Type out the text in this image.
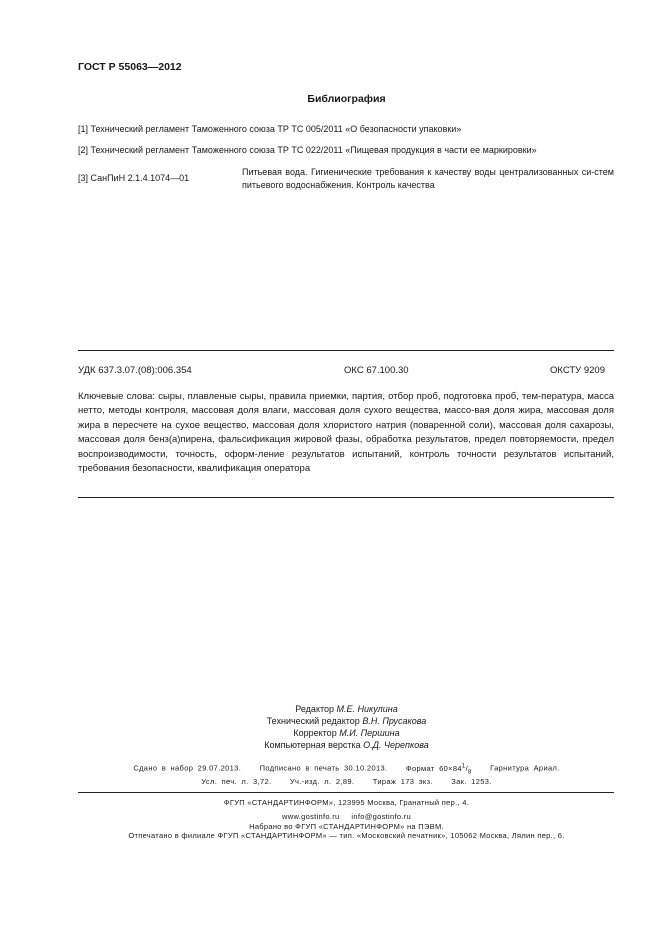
ГОСТ Р 55063—2012
Библиография
[1] Технический регламент Таможенного союза ТР ТС 005/2011 «О безопасности упаковки»
[2] Технический регламент Таможенного союза ТР ТС 022/2011 «Пищевая продукция в части ее маркировки»
[3] СанПиН 2.1.4.1074—01
Питьевая вода. Гигиенические требования к качеству воды централизованных си-стем питьевого водоснабжения. Контроль качества
УДК 637.3.07.(08):006.354	ОКС 67.100.30	ОКСТУ 9209
Ключевые слова: сыры, плавленые сыры, правила приемки, партия, отбор проб, подготовка проб, тем-пература, масса нетто, методы контроля, массовая доля влаги, массовая доля сухого вещества, массо-вая доля жира, массовая доля жира в пересчете на сухое вещество, массовая доля хлористого натрия (поваренной соли), массовая доля сахарозы, массовая доля бенз(а)пирена, фальсификация жировой фазы, обработка результатов, предел повторяемости, предел воспроизводимости, точность, оформ-ление результатов испытаний, контроль точности результатов испытаний, требования безопасности, квалификация оператора
Редактор М.Е. Никулина
Технический редактор В.Н. Прусакова
Корректор М.И. Першина
Компьютерная верстка О.Д. Черепкова
Сдано в набор 29.07.2013. Подписано в печать 30.10.2013. Формат $60\times 84^1/_8$ Гарнитура Ариал.
Усл. печ. л. 3,72. Уч.-изд. л. 2,89. Тираж 173 экз. Зак. 1253.
ФГУП «СТАНДАРТИНФОРМ», 123995 Москва, Гранатный пер., 4.
www.gostinfo.ru info@gostinfo.ru
Набрано во ФГУП «СТАНДАРТИНФОРМ» на ПЭВМ.
Отпечатано в филиале ФГУП «СТАНДАРТИНФОРМ» — тип. «Московский печатник», 105062 Москва, Лялин пер., 6.
